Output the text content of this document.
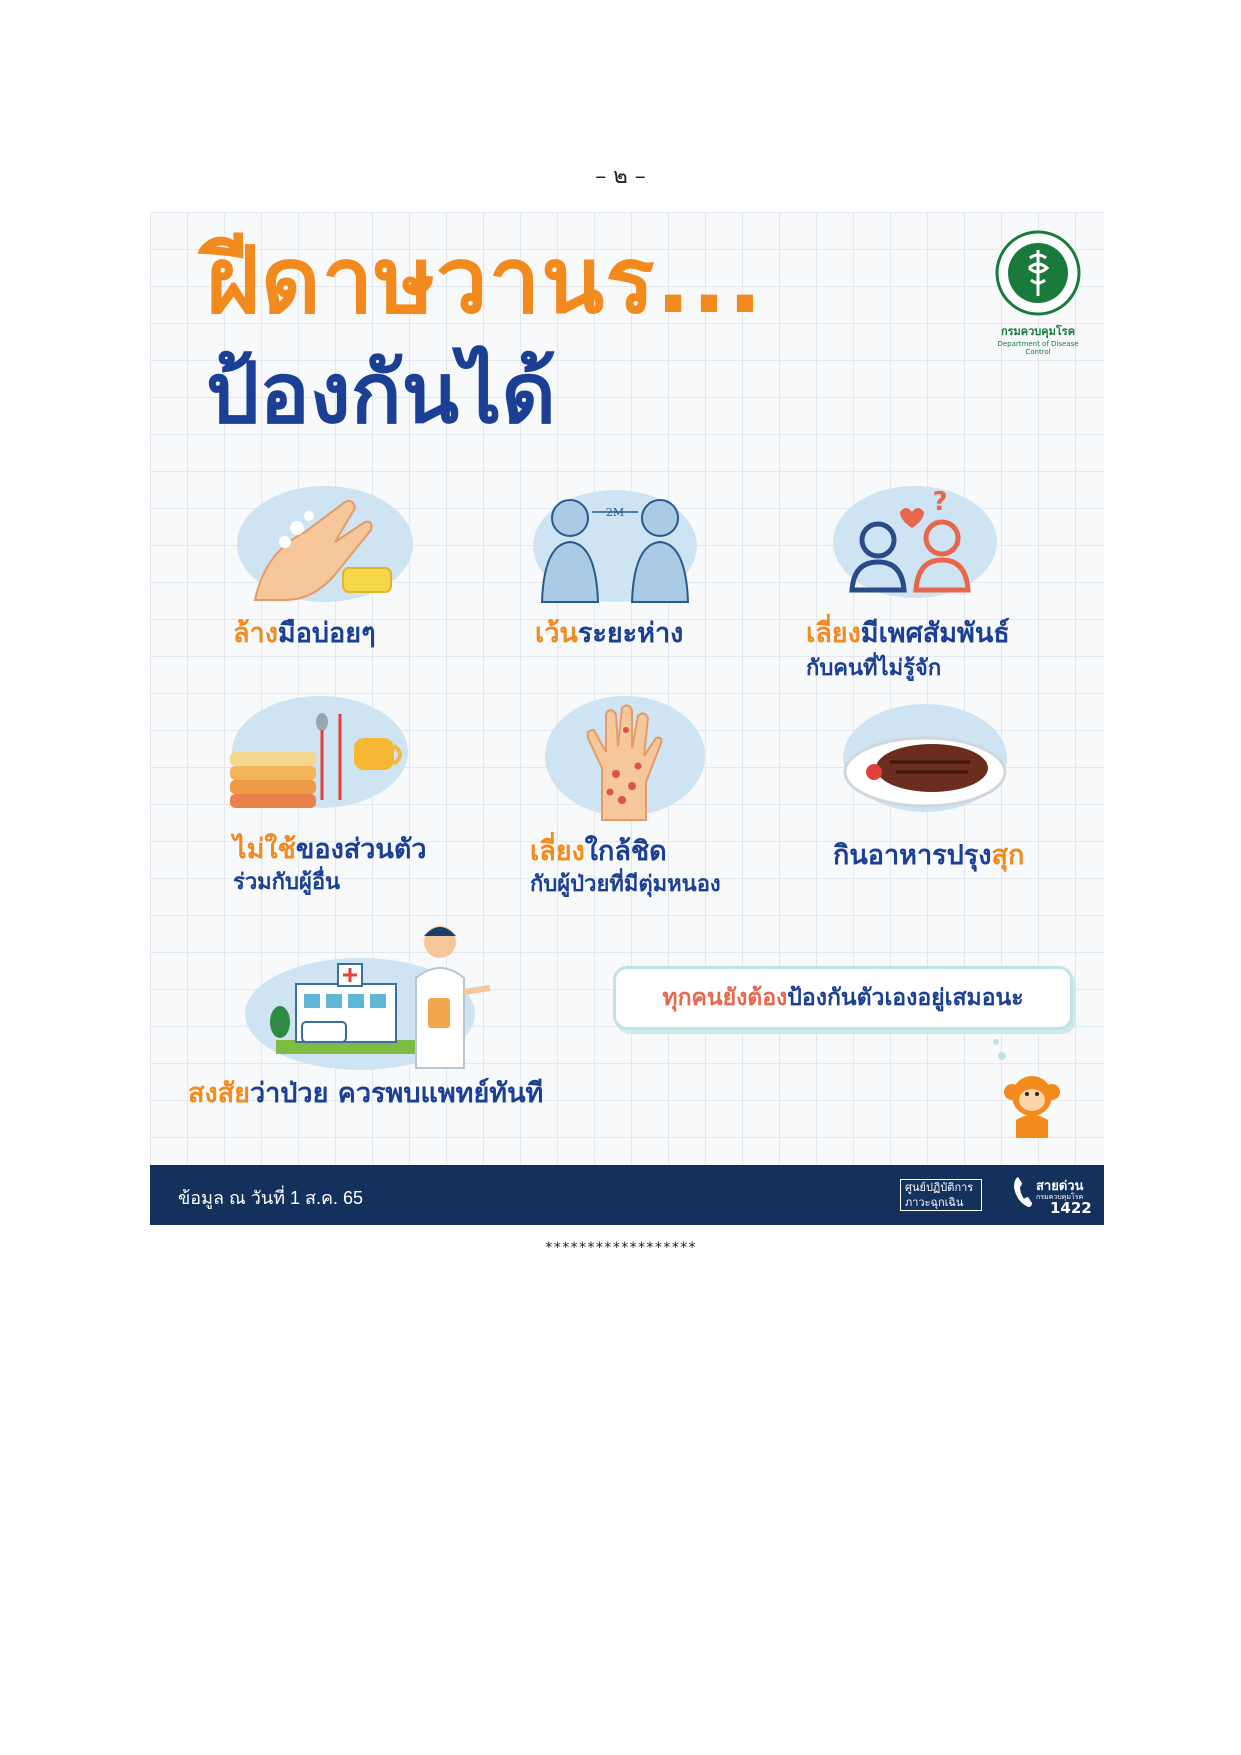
– ๒ –
ฝีดาษวานร...
ป้องกันได้
กรมควบคุมโรค
Department of Disease Control
ล้างมือบ่อยๆ
2M
เว้นระยะห่าง
?
เลี่ยงมีเพศสัมพันธ์
กับคนที่ไม่รู้จัก
ไม่ใช้ของส่วนตัว
ร่วมกับผู้อื่น
เลี่ยงใกล้ชิด
กับผู้ป่วยที่มีตุ่มหนอง
กินอาหารปรุงสุก
สงสัยว่าป่วย ควรพบแพทย์ทันที
ทุกคนยังต้อง ป้องกันตัวเองอยู่เสมอนะ
ข้อมูล ณ วันที่ 1 ส.ค. 65
ศูนย์ปฏิบัติการ
ภาวะฉุกเฉิน
สายด่วน
กรมควบคุมโรค
1422
******************
